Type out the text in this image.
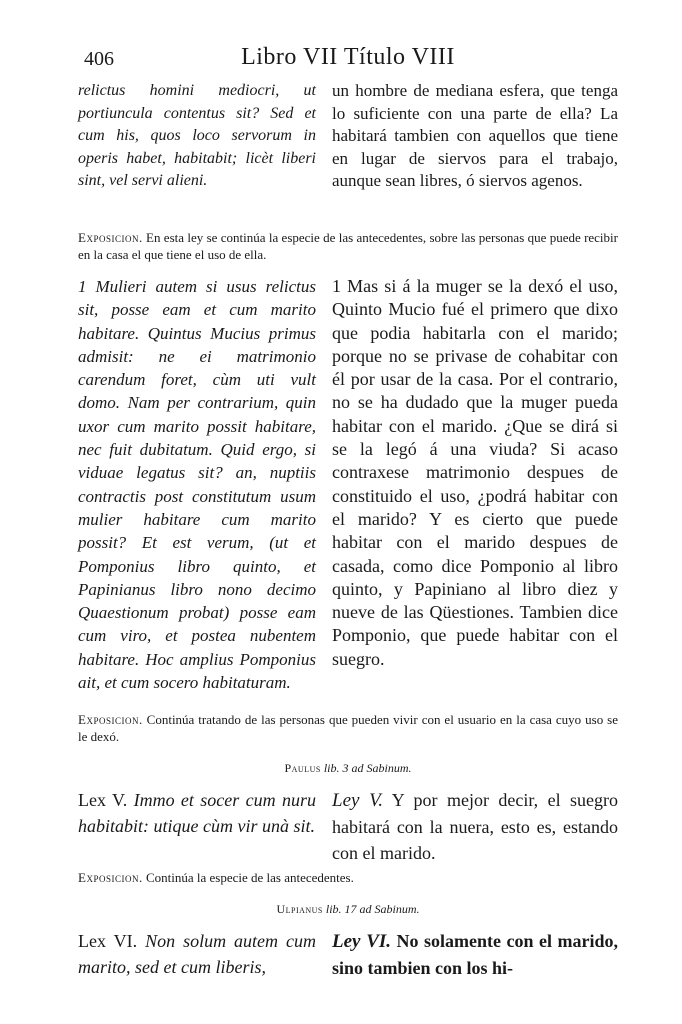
406	Libro VII Título VIII
relictus homini mediocri, ut portiuncula contentus sit? Sed et cum his, quos loco servorum in operis habet, habitabit; licèt liberi sint, vel servi alieni.
un hombre de mediana esfera, que tenga lo suficiente con una parte de ella? La habitará tambien con aquellos que tiene en lugar de siervos para el trabajo, aunque sean libres, ó siervos agenos.
Exposicion. En esta ley se continúa la especie de las antecedentes, sobre las personas que puede recibir en la casa el que tiene el uso de ella.
1 Mulieri autem si usus relictus sit, posse eam et cum marito habitare. Quintus Mucius primus admisit: ne ei matrimonio carendum foret, cùm uti vult domo. Nam per contrarium, quin uxor cum marito possit habitare, nec fuit dubitatum. Quid ergo, si viduae legatus sit? an, nuptiis contractis post constitutum usum mulier habitare cum marito possit? Et est verum, (ut et Pomponius libro quinto, et Papinianus libro nono decimo Quaestionum probat) posse eam cum viro, et postea nubentem habitare. Hoc amplius Pomponius ait, et cum socero habitaturam.
1 Mas si á la muger se la dexó el uso, Quinto Mucio fué el primero que dixo que podia habitarla con el marido; porque no se privase de cohabitar con él por usar de la casa. Por el contrario, no se ha dudado que la muger pueda habitar con el marido. ¿Que se dirá si se la legó á una viuda? Si acaso contraxese matrimonio despues de constituido el uso, ¿podrá habitar con el marido? Y es cierto que puede habitar con el marido despues de casada, como dice Pomponio al libro quinto, y Papiniano al libro diez y nueve de las Qüestiones. Tambien dice Pomponio, que puede habitar con el suegro.
Exposicion. Continúa tratando de las personas que pueden vivir con el usuario en la casa cuyo uso se le dexó.
Paulus lib. 3 ad Sabinum.
Lex V. Immo et socer cum nuru habitabit: utique cùm vir unà sit.
Ley V. Y por mejor decir, el suegro habitará con la nuera, esto es, estando con el marido.
Exposicion. Continúa la especie de las antecedentes.
Ulpianus lib. 17 ad Sabinum.
Lex VI. Non solum autem cum marito, sed et cum liberis,
Ley VI. No solamente con el marido, sino tambien con los hi-
